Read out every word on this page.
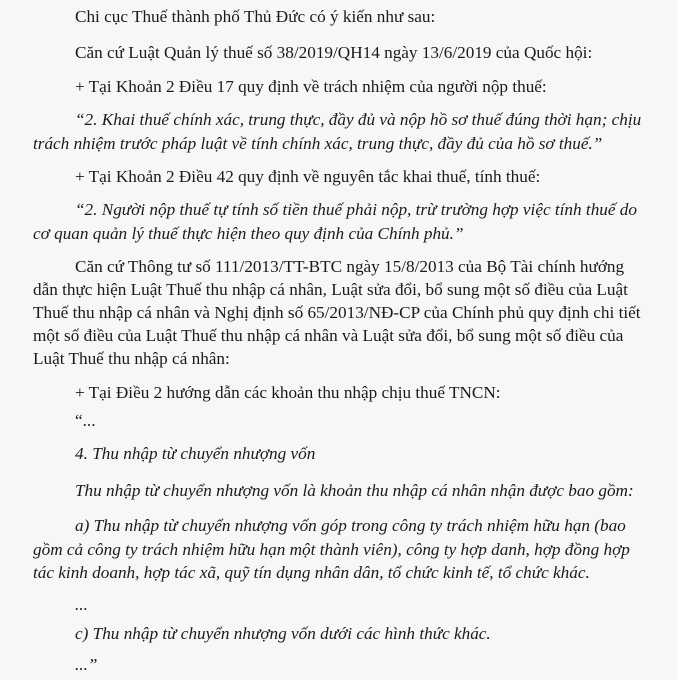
Chi cục Thuế thành phố Thủ Đức có ý kiến như sau:
Căn cứ Luật Quản lý thuế số 38/2019/QH14 ngày 13/6/2019 của Quốc hội:
+ Tại Khoản 2 Điều 17 quy định về trách nhiệm của người nộp thuế:
“2. Khai thuế chính xác, trung thực, đầy đủ và nộp hồ sơ thuế đúng thời hạn; chịu
trách nhiệm trước pháp luật về tính chính xác, trung thực, đầy đủ của hồ sơ thuế.”
+ Tại Khoản 2 Điều 42 quy định về nguyên tắc khai thuế, tính thuế:
“2. Người nộp thuế tự tính số tiền thuế phải nộp, trừ trường hợp việc tính thuế do
cơ quan quản lý thuế thực hiện theo quy định của Chính phủ.”
Căn cứ Thông tư số 111/2013/TT-BTC ngày 15/8/2013 của Bộ Tài chính hướng
dẫn thực hiện Luật Thuế thu nhập cá nhân, Luật sửa đổi, bổ sung một số điều của Luật
Thuế thu nhập cá nhân và Nghị định số 65/2013/NĐ-CP của Chính phủ quy định chi tiết
một số điều của Luật Thuế thu nhập cá nhân và Luật sửa đổi, bổ sung một số điều của
Luật Thuế thu nhập cá nhân:
+ Tại Điều 2 hướng dẫn các khoản thu nhập chịu thuế TNCN:
“...
4. Thu nhập từ chuyển nhượng vốn
Thu nhập từ chuyển nhượng vốn là khoản thu nhập cá nhân nhận được bao gồm:
a) Thu nhập từ chuyển nhượng vốn góp trong công ty trách nhiệm hữu hạn (bao
gồm cả công ty trách nhiệm hữu hạn một thành viên), công ty hợp danh, hợp đồng hợp
tác kinh doanh, hợp tác xã, quỹ tín dụng nhân dân, tổ chức kinh tế, tổ chức khác.
...
c) Thu nhập từ chuyển nhượng vốn dưới các hình thức khác.
...”
